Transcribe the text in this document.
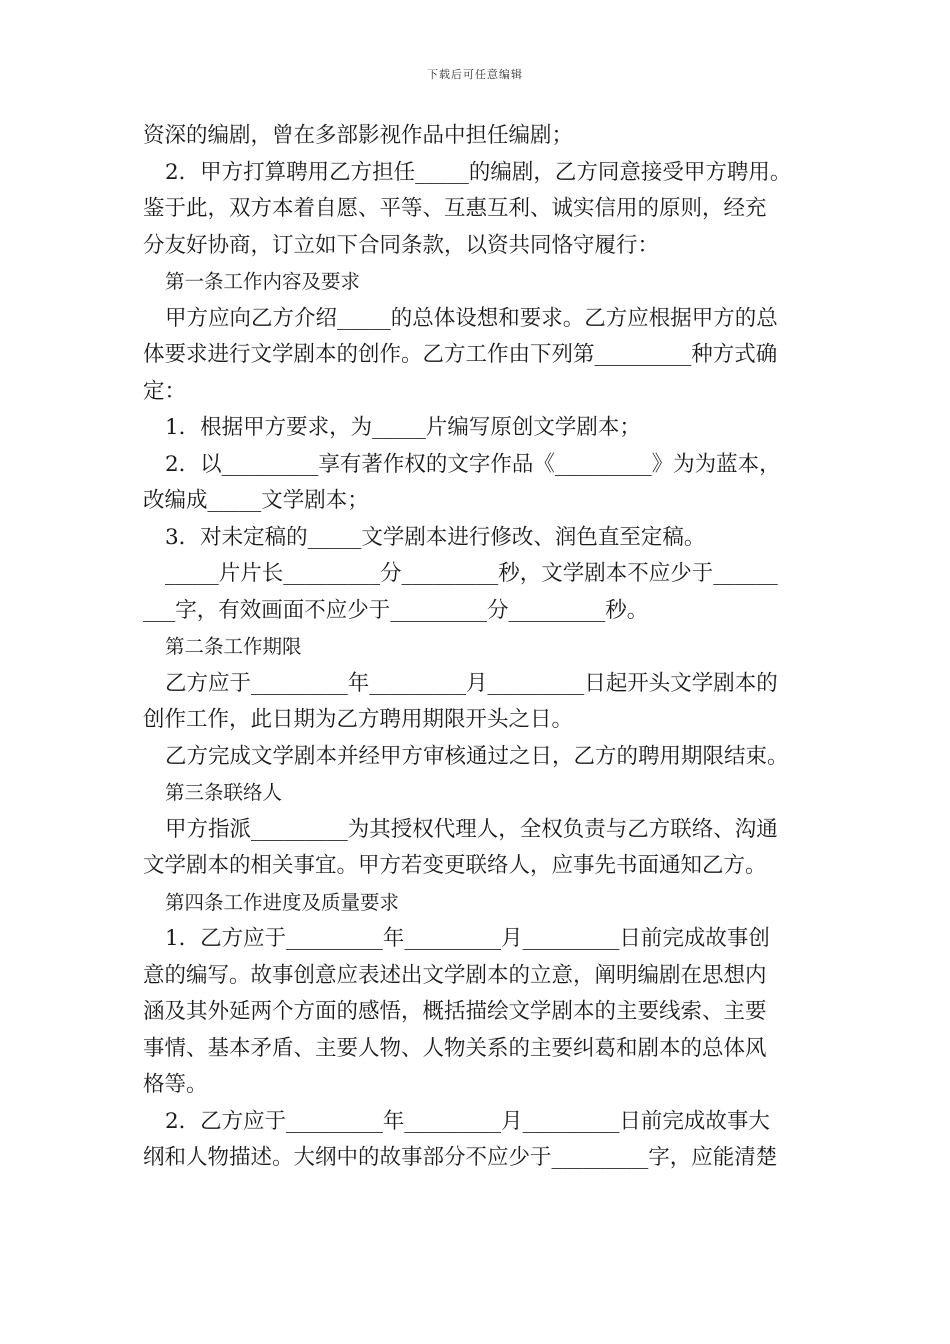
下载后可任意编辑
资深的编剧，曾在多部影视作品中担任编剧；
2．甲方打算聘用乙方担任_____的编剧，乙方同意接受甲方聘用。
鉴于此，双方本着自愿、平等、互惠互利、诚实信用的原则，经充
分友好协商，订立如下合同条款，以资共同恪守履行：
第一条工作内容及要求
甲方应向乙方介绍_____的总体设想和要求。乙方应根据甲方的总
体要求进行文学剧本的创作。乙方工作由下列第_________种方式确
定：
1．根据甲方要求，为_____片编写原创文学剧本；
2．以_________享有著作权的文字作品《_________》为为蓝本，
改编成_____文学剧本；
3．对未定稿的_____文学剧本进行修改、润色直至定稿。
_____片片长_________分_________秒，文学剧本不应少于______
___字，有效画面不应少于_________分_________秒。
第二条工作期限
乙方应于_________年_________月_________日起开头文学剧本的
创作工作，此日期为乙方聘用期限开头之日。
乙方完成文学剧本并经甲方审核通过之日，乙方的聘用期限结束。
第三条联络人
甲方指派_________为其授权代理人，全权负责与乙方联络、沟通
文学剧本的相关事宜。甲方若变更联络人，应事先书面通知乙方。
第四条工作进度及质量要求
1．乙方应于_________年_________月_________日前完成故事创
意的编写。故事创意应表述出文学剧本的立意，阐明编剧在思想内
涵及其外延两个方面的感悟，概括描绘文学剧本的主要线索、主要
事情、基本矛盾、主要人物、人物关系的主要纠葛和剧本的总体风
格等。
2．乙方应于_________年_________月_________日前完成故事大
纲和人物描述。大纲中的故事部分不应少于_________字，应能清楚
